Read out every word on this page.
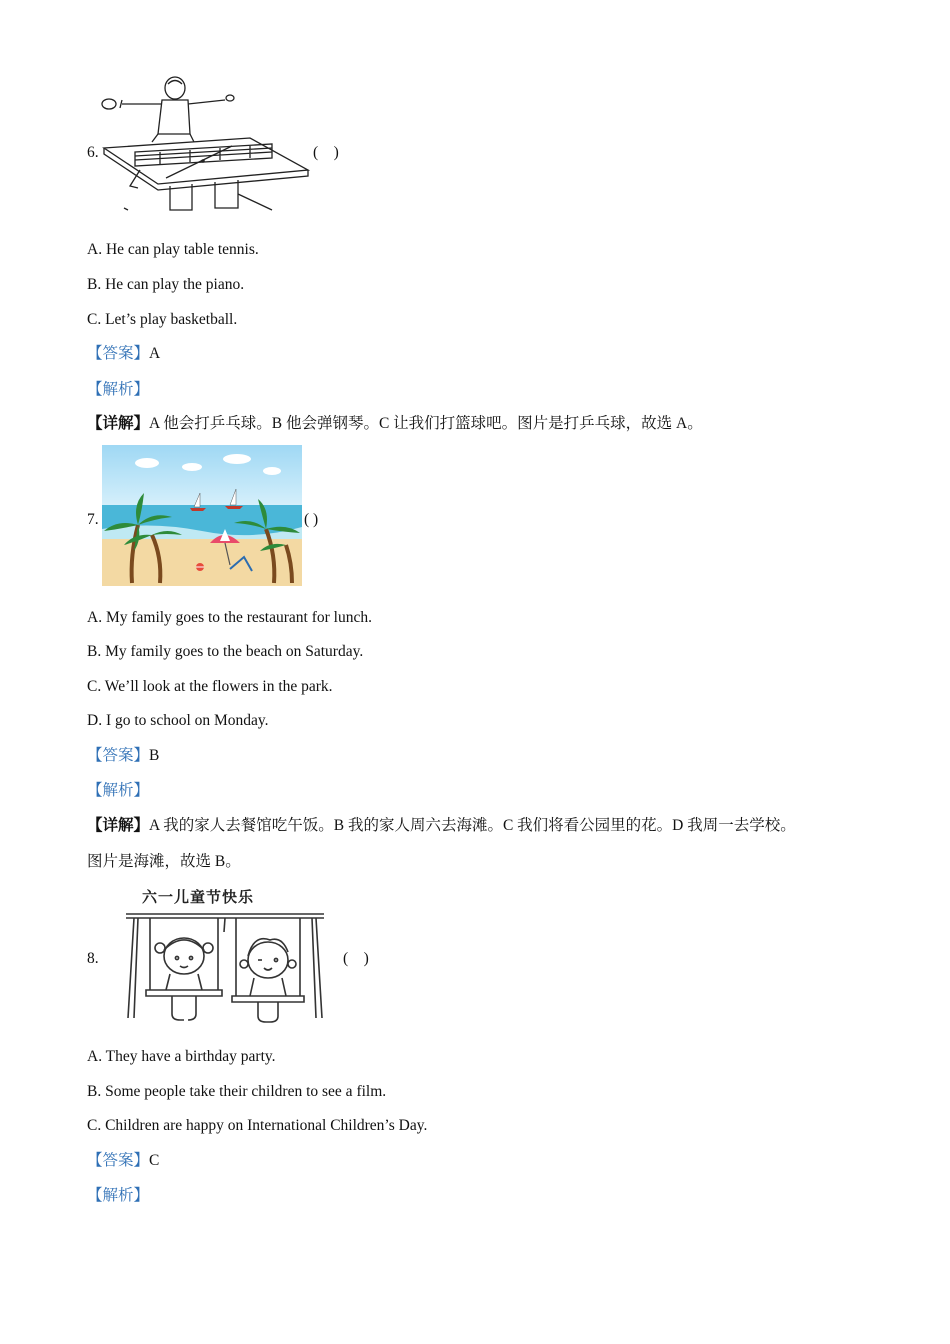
6.	(    )
A. He can play table tennis.
B. He can play the piano.
C. Let’s play basketball.
【答案】A
【解析】
【详解】A 他会打乒乓球。B 他会弹钢琴。C 让我们打篮球吧。图片是打乒乓球，故选 A。
7.	( )
A. My family goes to the restaurant for lunch.
B. My family goes to the beach on Saturday.
C. We’ll look at the flowers in the park.
D. I go to school on Monday.
【答案】B
【解析】
【详解】A 我的家人去餐馆吃午饭。B 我的家人周六去海滩。C 我们将看公园里的花。D 我周一去学校。
图片是海滩，故选 B。
六一儿童节快乐
8.	(    )
A. They have a birthday party.
B. Some people take their children to see a film.
C. Children are happy on International Children’s Day.
【答案】C
【解析】
